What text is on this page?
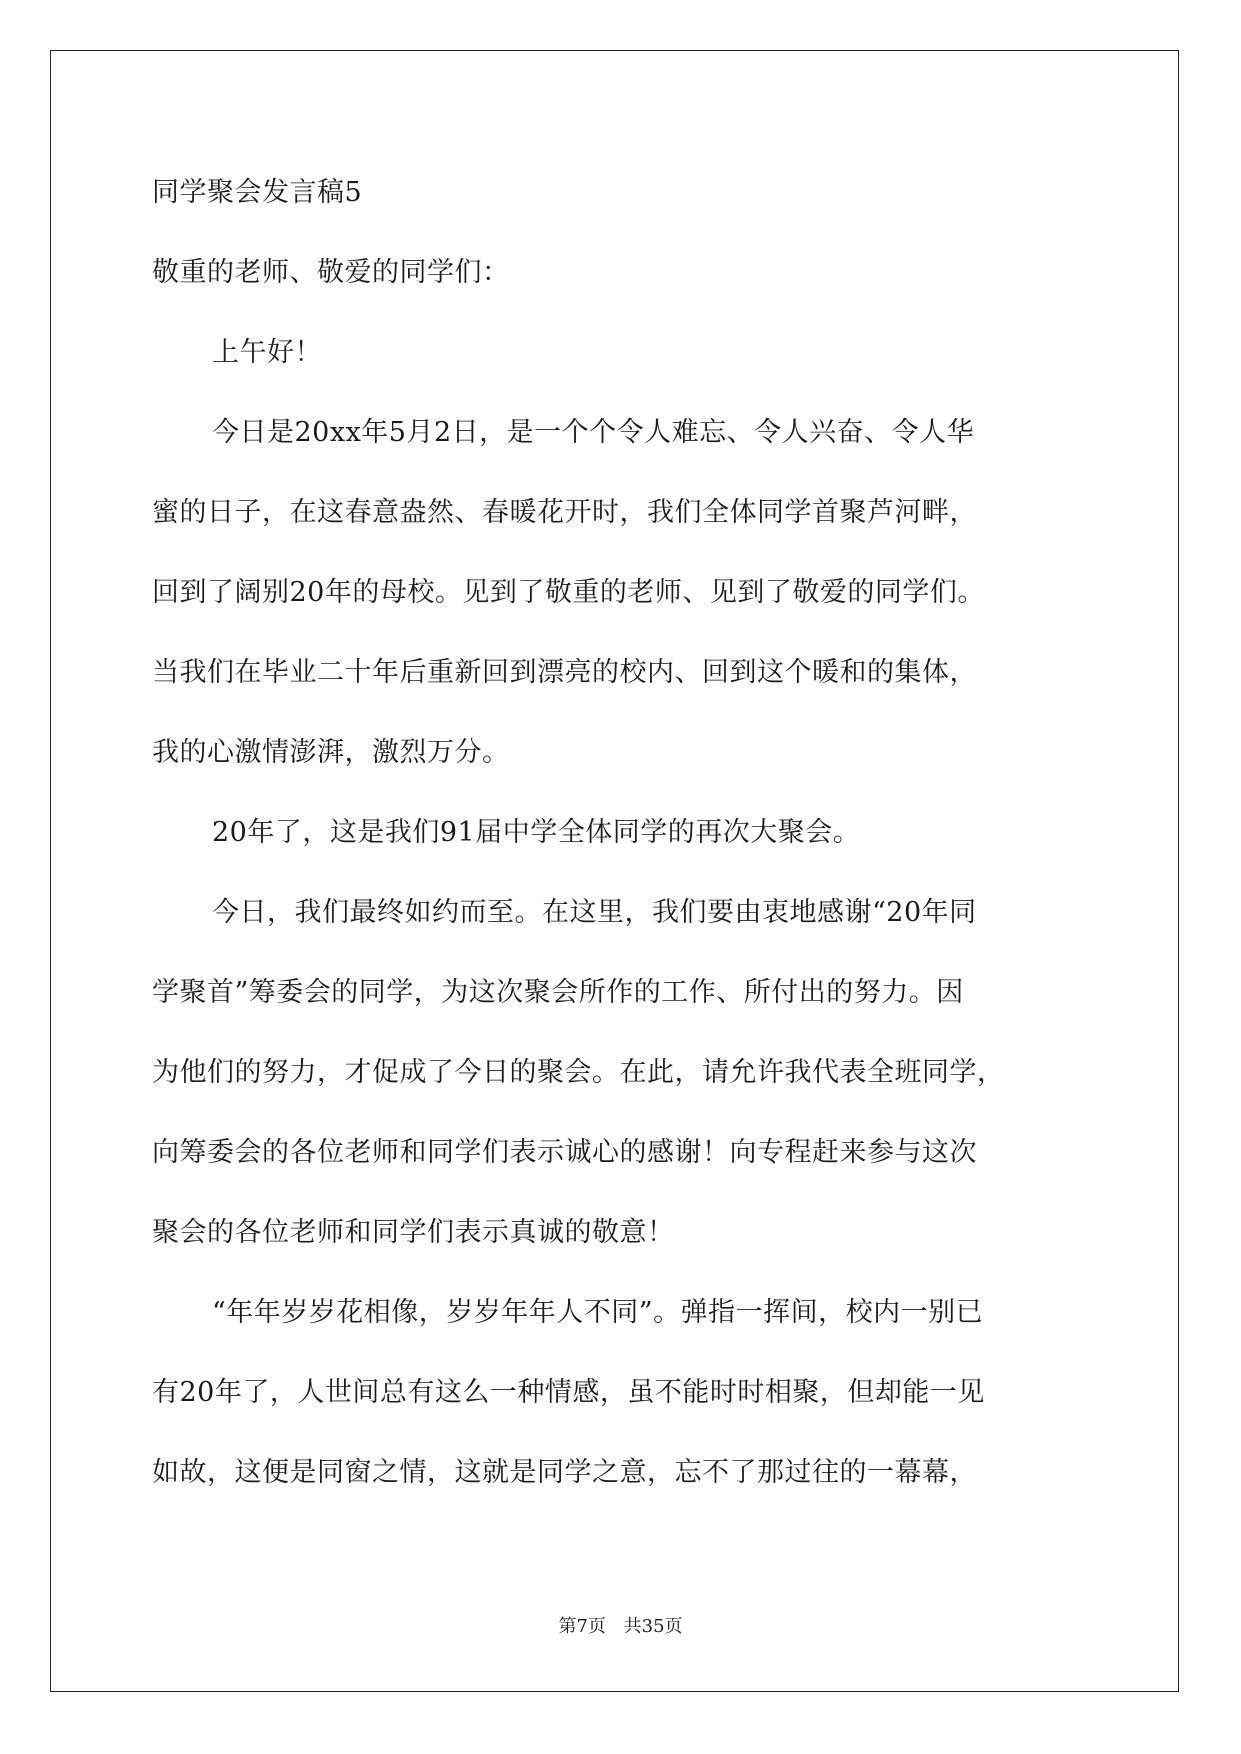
同学聚会发言稿5

敬重的老师、敬爱的同学们：

上午好！

今日是20xx年5月2日，是一个个令人难忘、令人兴奋、令人华

蜜的日子，在这春意盎然、春暖花开时，我们全体同学首聚芦河畔，

回到了阔别20年的母校。见到了敬重的老师、见到了敬爱的同学们。

当我们在毕业二十年后重新回到漂亮的校内、回到这个暖和的集体，

我的心激情澎湃，激烈万分。

20年了，这是我们91届中学全体同学的再次大聚会。

今日，我们最终如约而至。在这里，我们要由衷地感谢“20年同

学聚首”筹委会的同学，为这次聚会所作的工作、所付出的努力。因

为他们的努力，才促成了今日的聚会。在此，请允许我代表全班同学，

向筹委会的各位老师和同学们表示诚心的感谢！向专程赶来参与这次

聚会的各位老师和同学们表示真诚的敬意！

“年年岁岁花相像，岁岁年年人不同”。弹指一挥间，校内一别已

有20年了，人世间总有这么一种情感，虽不能时时相聚，但却能一见

如故，这便是同窗之情，这就是同学之意，忘不了那过往的一幕幕，

第7页 共35页
